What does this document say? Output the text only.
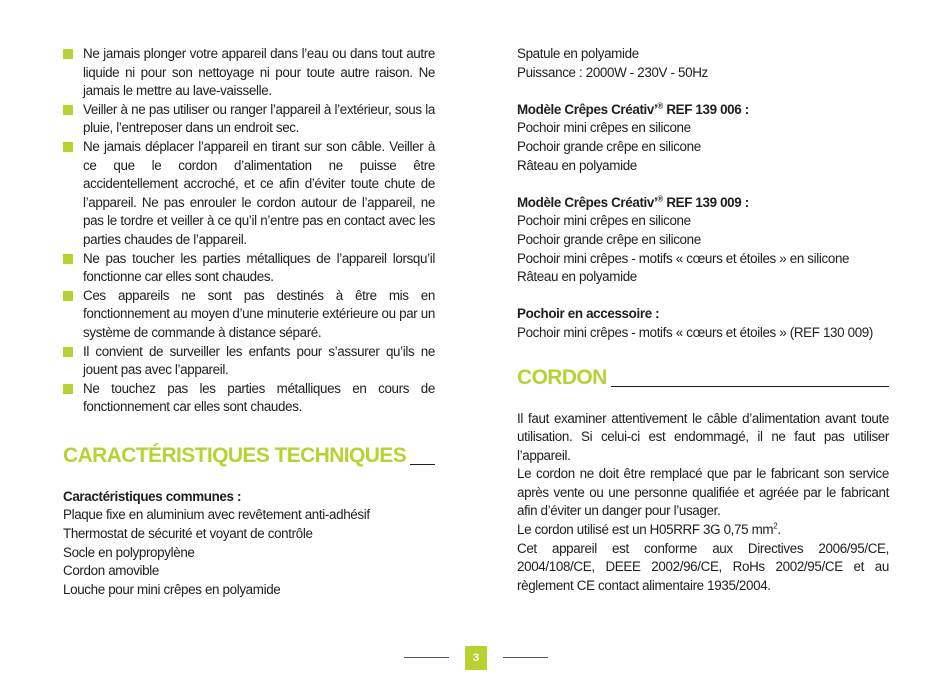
Ne jamais plonger votre appareil dans l’eau ou dans tout autre liquide ni pour son nettoyage ni pour toute autre raison. Ne jamais le mettre au lave-vaisselle.
Veiller à ne pas utiliser ou ranger l’appareil à l’extérieur, sous la pluie, l’entreposer dans un endroit sec.
Ne jamais déplacer l’appareil en tirant sur son câble. Veiller à ce que le cordon d’alimentation ne puisse être accidentellement accroché, et ce afin d’éviter toute chute de l’appareil. Ne pas enrouler le cordon autour de l’appareil, ne pas le tordre et veiller à ce qu’il n’entre pas en contact avec les parties chaudes de l’appareil.
Ne pas toucher les parties métalliques de l’appareil lorsqu’il fonctionne car elles sont chaudes.
Ces appareils ne sont pas destinés à être mis en fonctionnement au moyen d’une minuterie extérieure ou par un système de commande à distance séparé.
Il convient de surveiller les enfants pour s’assurer qu’ils ne jouent pas avec l’appareil.
Ne touchez pas les parties métalliques en cours de fonctionnement car elles sont chaudes.
CARACTÉRISTIQUES TECHNIQUES
Caractéristiques communes :
Plaque fixe en aluminium avec revêtement anti-adhésif
Thermostat de sécurité et voyant de contrôle
Socle en polypropylène
Cordon amovible
Louche pour mini crêpes en polyamide
Spatule en polyamide
Puissance : 2000W - 230V - 50Hz
Modèle Crêpes Créativ’® REF 139 006 :
Pochoir mini crêpes en silicone
Pochoir grande crêpe en silicone
Râteau en polyamide
Modèle Crêpes Créativ’® REF 139 009 :
Pochoir mini crêpes en silicone
Pochoir grande crêpe en silicone
Pochoir mini crêpes - motifs « cœurs et étoiles » en silicone
Râteau en polyamide
Pochoir en accessoire :
Pochoir mini crêpes - motifs « cœurs et étoiles » (REF 130 009)
CORDON
Il faut examiner attentivement le câble d’alimentation avant toute utilisation. Si celui-ci est endommagé, il ne faut pas utiliser l’appareil.
Le cordon ne doit être remplacé que par le fabricant son service après vente ou une personne qualifiée et agréée par le fabricant afin d’éviter un danger pour l’usager.
Le cordon utilisé est un H05RRF 3G 0,75 $mm^2$.
Cet appareil est conforme aux Directives 2006/95/CE, 2004/108/CE, DEEE 2002/96/CE, RoHs 2002/95/CE et au règlement CE contact alimentaire 1935/2004.
3
